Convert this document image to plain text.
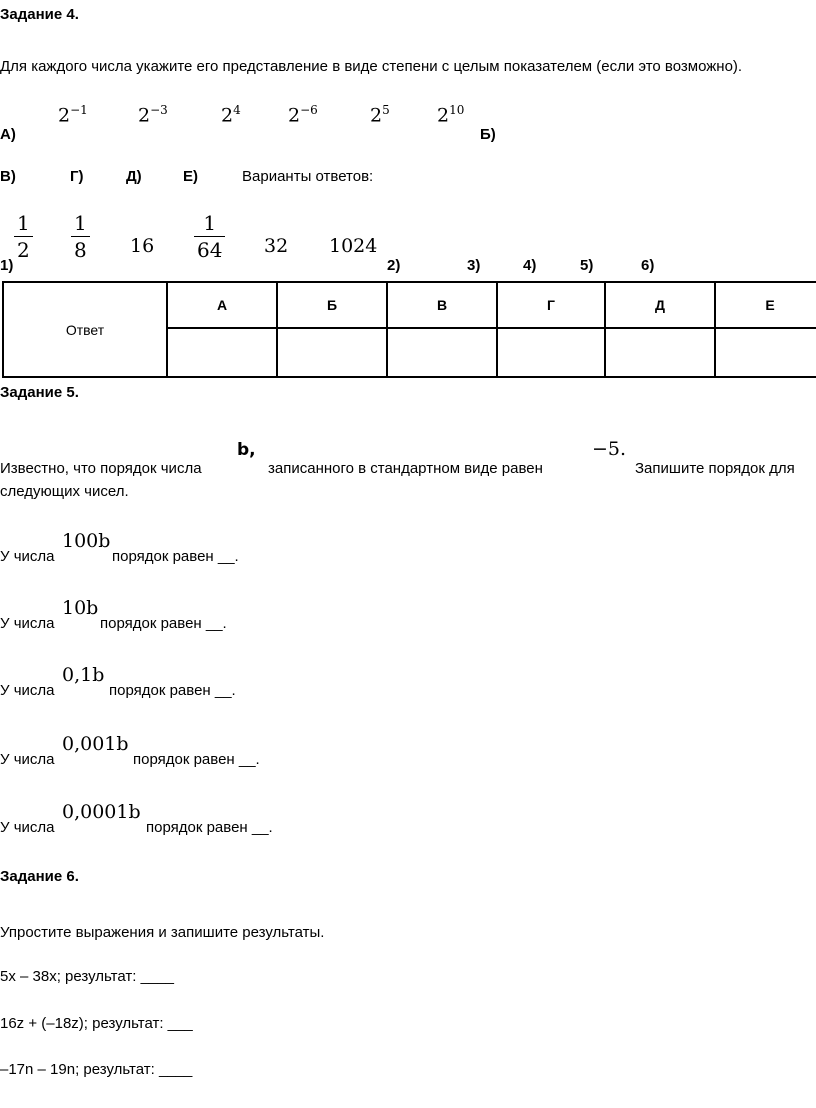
Задание 4.
Для каждого числа укажите его представление в виде степени с целым показателем (если это возможно).
$2^{-1}$	$2^{-3}$	$2^4$ $2^{-6}$	$2^5$ $2^{10}$
А)	Б)
В)	Г)	Д)	Е)	Варианты ответов:
$\frac{1}{2} \frac{1}{8} 16 \frac{1}{64} 32$ 1024
1)	2)	3)	4)	5)	6)
Ответ	А	Б	В	Г	Д	Е

Задание 5.
b,	−5.
Известно, что порядок числа	записанного в стандартном виде равен	Запишите порядок для
следующих чисел.
100b
У числа	порядок равен __.
10b
У числа	порядок равен __.
0,1b
У числа	порядок равен __.
0,001b
У числа	порядок равен __.
0,0001b
У числа	порядок равен __.
Задание 6.
Упростите выражения и запишите результаты.
5x – 38x; результат: ____
16z + (–18z); результат: ___
–17n – 19n; результат: ____
